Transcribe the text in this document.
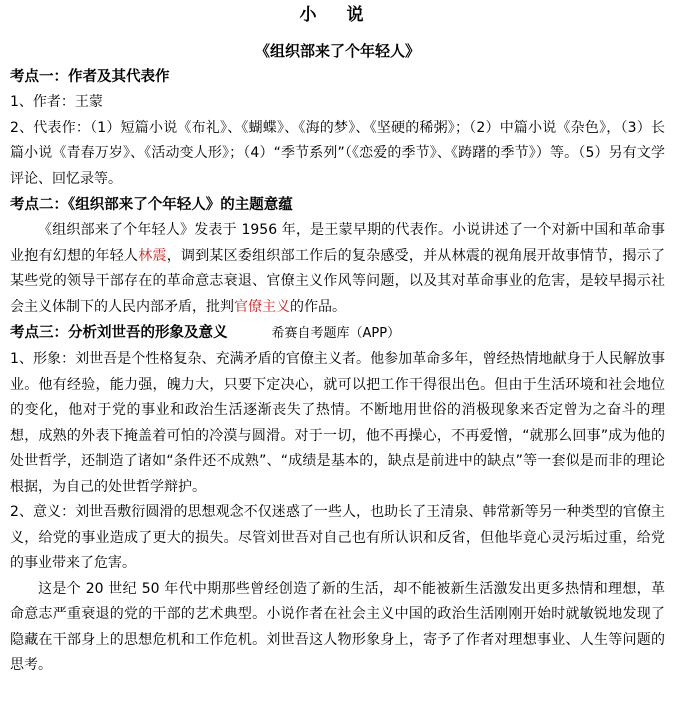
小 说
《组织部来了个年轻人》
考点一：作者及其代表作
1、作者：王蒙
2、代表作：（1）短篇小说《布礼》、《蝴蝶》、《海的梦》、《坚硬的稀粥》；（2）中篇小说《杂色》，（3）长篇小说《青春万岁》、《活动变人形》；（4）“季节系列”（《恋爱的季节》、《踌躇的季节》）等。（5）另有文学评论、回忆录等。
考点二：《组织部来了个年轻人》的主题意蕴
《组织部来了个年轻人》发表于 1956 年，是王蒙早期的代表作。小说讲述了一个对新中国和革命事业抱有幻想的年轻人林震，调到某区委组织部工作后的复杂感受，并从林震的视角展开故事情节，揭示了某些党的领导干部存在的革命意志衰退、官僚主义作风等问题，以及其对革命事业的危害，是较早揭示社会主义体制下的人民内部矛盾，批判官僚主义的作品。
考点三：分析刘世吾的形象及意义	希赛自考题库（APP）
1、形象：刘世吾是个性格复杂、充满矛盾的官僚主义者。他参加革命多年，曾经热情地献身于人民解放事业。他有经验，能力强，魄力大，只要下定决心，就可以把工作干得很出色。但由于生活环境和社会地位的变化，他对于党的事业和政治生活逐渐丧失了热情。不断地用世俗的消极现象来否定曾为之奋斗的理想，成熟的外表下掩盖着可怕的冷漠与圆滑。对于一切，他不再操心，不再爱憎，“就那么回事”成为他的处世哲学，还制造了诸如“条件还不成熟”、“成绩是基本的，缺点是前进中的缺点”等一套似是而非的理论根据，为自己的处世哲学辩护。
2、意义：刘世吾敷衍圆滑的思想观念不仅迷惑了一些人，也助长了王清泉、韩常新等另一种类型的官僚主义，给党的事业造成了更大的损失。尽管刘世吾对自己也有所认识和反省，但他毕竟心灵污垢过重，给党的事业带来了危害。
这是个 20 世纪 50 年代中期那些曾经创造了新的生活，却不能被新生活激发出更多热情和理想，革命意志严重衰退的党的干部的艺术典型。小说作者在社会主义中国的政治生活刚刚开始时就敏锐地发现了隐藏在干部身上的思想危机和工作危机。刘世吾这人物形象身上，寄予了作者对理想事业、人生等问题的思考。
